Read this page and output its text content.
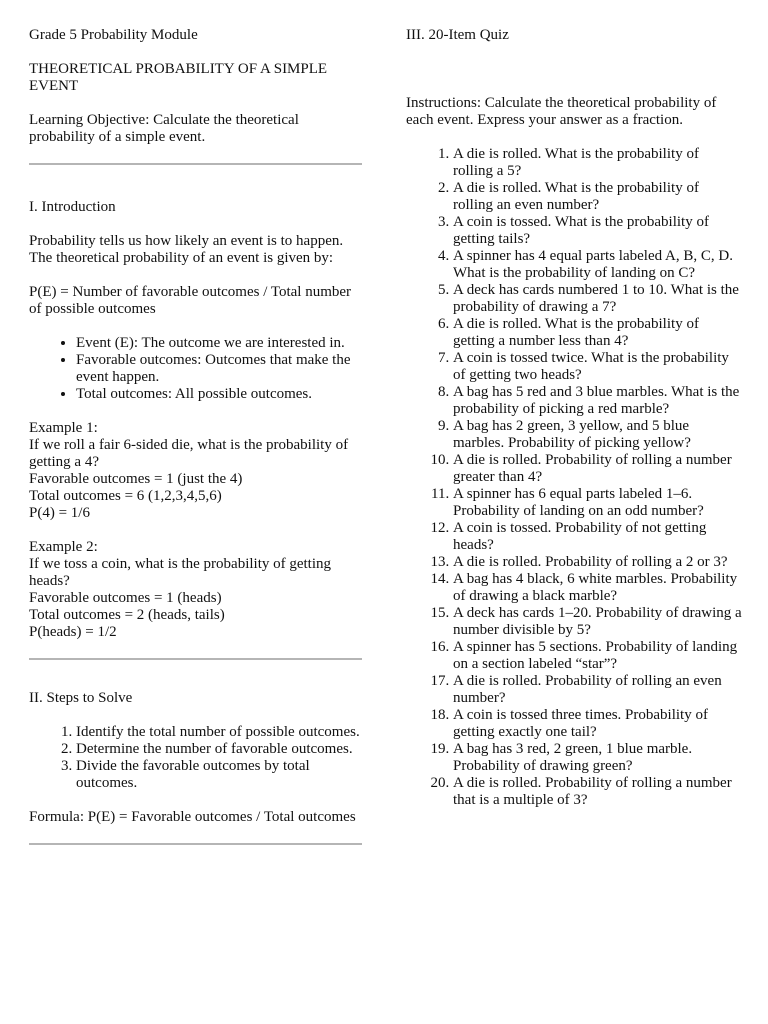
Grade 5 Probability Module

THEORETICAL PROBABILITY OF A SIMPLE EVENT

Learning Objective: Calculate the theoretical probability of a simple event.

I. Introduction

Probability tells us how likely an event is to happen. The theoretical probability of an event is given by:

P(E) = Number of favorable outcomes / Total number of possible outcomes

• Event (E): The outcome we are interested in.
• Favorable outcomes: Outcomes that make the event happen.
• Total outcomes: All possible outcomes.

Example 1:

If we roll a fair 6-sided die, what is the probability of getting a 4?

Favorable outcomes = 1 (just the 4)

Total outcomes = 6 (1,2,3,4,5,6)

P(4) = 1/6

Example 2:

If we toss a coin, what is the probability of getting heads?

Favorable outcomes = 1 (heads)

Total outcomes = 2 (heads, tails)

P(heads) = 1/2

II. Steps to Solve

1. Identify the total number of possible outcomes.
2. Determine the number of favorable outcomes.
3. Divide the favorable outcomes by total outcomes.

Formula: P(E) = Favorable outcomes / Total outcomes

III. 20-Item Quiz

Instructions: Calculate the theoretical probability of each event. Express your answer as a fraction.

1. A die is rolled. What is the probability of rolling a 5?
2. A die is rolled. What is the probability of rolling an even number?
3. A coin is tossed. What is the probability of getting tails?
4. A spinner has 4 equal parts labeled A, B, C, D. What is the probability of landing on C?
5. A deck has cards numbered 1 to 10. What is the probability of drawing a 7?
6. A die is rolled. What is the probability of getting a number less than 4?
7. A coin is tossed twice. What is the probability of getting two heads?
8. A bag has 5 red and 3 blue marbles. What is the probability of picking a red marble?
9. A bag has 2 green, 3 yellow, and 5 blue marbles. Probability of picking yellow?
10. A die is rolled. Probability of rolling a number greater than 4?
11. A spinner has 6 equal parts labeled 1–6. Probability of landing on an odd number?
12. A coin is tossed. Probability of not getting heads?
13. A die is rolled. Probability of rolling a 2 or 3?
14. A bag has 4 black, 6 white marbles. Probability of drawing a black marble?
15. A deck has cards 1–20. Probability of drawing a number divisible by 5?
16. A spinner has 5 sections. Probability of landing on a section labeled “star”?
17. A die is rolled. Probability of rolling an even number?
18. A coin is tossed three times. Probability of getting exactly one tail?
19. A bag has 3 red, 2 green, 1 blue marble. Probability of drawing green?
20. A die is rolled. Probability of rolling a number that is a multiple of 3?
